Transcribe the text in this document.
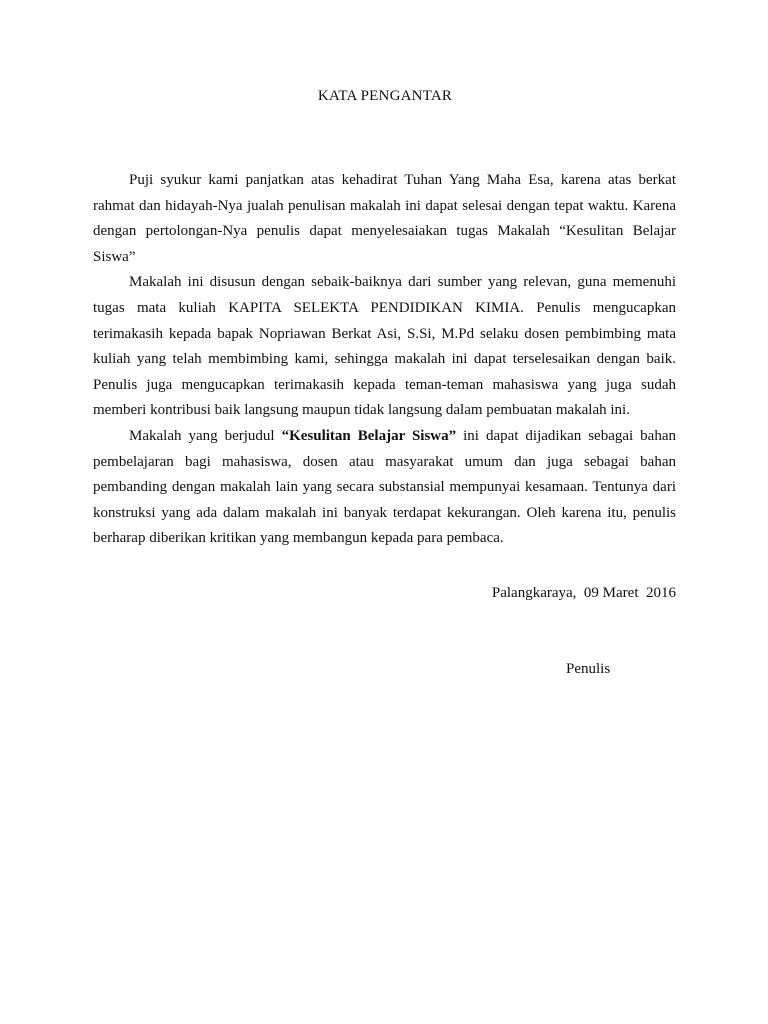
KATA PENGANTAR

Puji syukur kami panjatkan atas kehadirat Tuhan Yang Maha Esa, karena atas berkat rahmat dan hidayah-Nya jualah penulisan makalah ini dapat selesai dengan tepat waktu. Karena dengan pertolongan-Nya penulis dapat menyelesaiakan tugas Makalah “Kesulitan Belajar Siswa”

Makalah ini disusun dengan sebaik-baiknya dari sumber yang relevan, guna memenuhi tugas mata kuliah KAPITA SELEKTA PENDIDIKAN KIMIA. Penulis mengucapkan terimakasih kepada bapak Nopriawan Berkat Asi, S.Si, M.Pd selaku dosen pembimbing mata kuliah yang telah membimbing kami, sehingga makalah ini dapat terselesaikan dengan baik. Penulis juga mengucapkan terimakasih kepada teman-teman mahasiswa yang juga sudah memberi kontribusi baik langsung maupun tidak langsung dalam pembuatan makalah ini.

Makalah yang berjudul “Kesulitan Belajar Siswa” ini dapat dijadikan sebagai bahan pembelajaran bagi mahasiswa, dosen atau masyarakat umum dan juga sebagai bahan pembanding dengan makalah lain yang secara substansial mempunyai kesamaan. Tentunya dari konstruksi yang ada dalam makalah ini banyak terdapat kekurangan. Oleh karena itu, penulis berharap diberikan kritikan yang membangun kepada para pembaca.

Palangkaraya,  09 Maret  2016

Penulis
